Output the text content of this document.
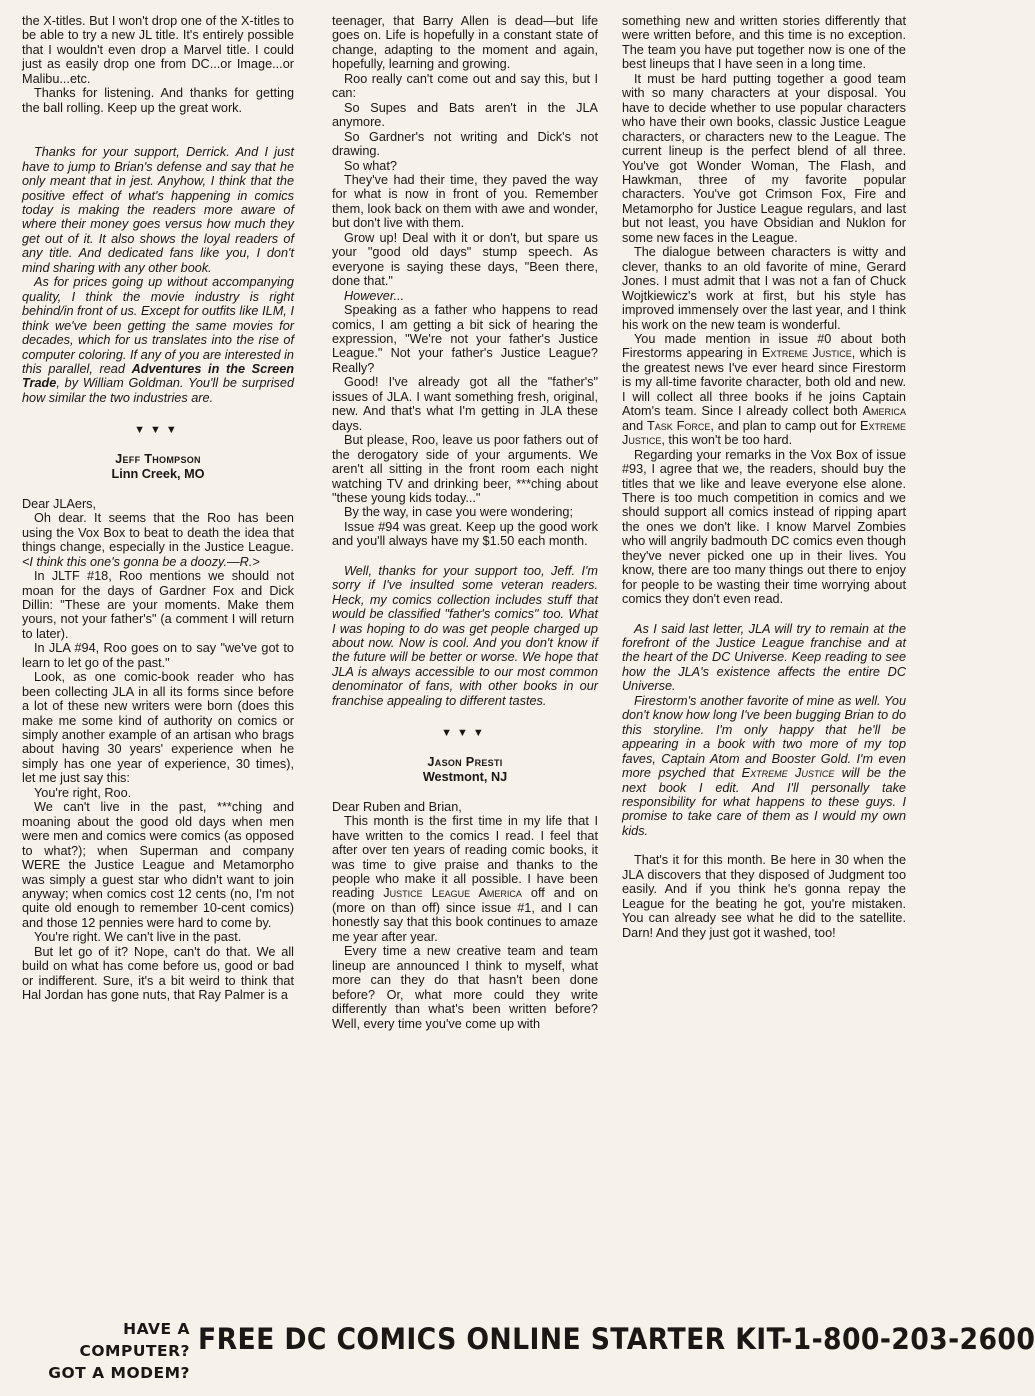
the X-titles. But I won't drop one of the X-titles to be able to try a new JL title. It's entirely possible that I wouldn't even drop a Marvel title. I could just as easily drop one from DC...or Image...or Malibu...etc.

Thanks for listening. And thanks for getting the ball rolling. Keep up the great work.

Thanks for your support, Derrick. And I just have to jump to Brian's defense and say that he only meant that in jest. Anyhow, I think that the positive effect of what's happening in comics today is making the readers more aware of where their money goes versus how much they get out of it. It also shows the loyal readers of any title. And dedicated fans like you, I don't mind sharing with any other book.

As for prices going up without accompanying quality, I think the movie industry is right behind/in front of us. Except for outfits like ILM, I think we've been getting the same movies for decades, which for us translates into the rise of computer coloring. If any of you are interested in this parallel, read Adventures in the Screen Trade, by William Goldman. You'll be surprised how similar the two industries are.

▼▼▼
Jeff Thompson
Linn Creek, MO

Dear JLAers,

Oh dear. It seems that the Roo has been using the Vox Box to beat to death the idea that things change, especially in the Justice League. <I think this one's gonna be a doozy.—R.>

In JLTF #18, Roo mentions we should not moan for the days of Gardner Fox and Dick Dillin: "These are your moments. Make them yours, not your father's" (a comment I will return to later).

In JLA #94, Roo goes on to say "we've got to learn to let go of the past."

Look, as one comic-book reader who has been collecting JLA in all its forms since before a lot of these new writers were born (does this make me some kind of authority on comics or simply another example of an artisan who brags about having 30 years' experience when he simply has one year of experience, 30 times), let me just say this:

You're right, Roo.

We can't live in the past, ***ching and moaning about the good old days when men were men and comics were comics (as opposed to what?); when Superman and company WERE the Justice League and Metamorpho was simply a guest star who didn't want to join anyway; when comics cost 12 cents (no, I'm not quite old enough to remember 10-cent comics) and those 12 pennies were hard to come by.

You're right. We can't live in the past.

But let go of it? Nope, can't do that. We all build on what has come before us, good or bad or indifferent. Sure, it's a bit weird to think that Hal Jordan has gone nuts, that Ray Palmer is a

teenager, that Barry Allen is dead—but life goes on. Life is hopefully in a constant state of change, adapting to the moment and again, hopefully, learning and growing.

Roo really can't come out and say this, but I can:

So Supes and Bats aren't in the JLA anymore.

So Gardner's not writing and Dick's not drawing.

So what?

They've had their time, they paved the way for what is now in front of you. Remember them, look back on them with awe and wonder, but don't live with them.

Grow up! Deal with it or don't, but spare us your "good old days" stump speech. As everyone is saying these days, "Been there, done that."

However...

Speaking as a father who happens to read comics, I am getting a bit sick of hearing the expression, "We're not your father's Justice League." Not your father's Justice League? Really?

Good! I've already got all the "father's" issues of JLA. I want something fresh, original, new. And that's what I'm getting in JLA these days.

But please, Roo, leave us poor fathers out of the derogatory side of your arguments. We aren't all sitting in the front room each night watching TV and drinking beer, ***ching about "these young kids today..."

By the way, in case you were wondering;

Issue #94 was great. Keep up the good work and you'll always have my $1.50 each month.

Well, thanks for your support too, Jeff. I'm sorry if I've insulted some veteran readers. Heck, my comics collection includes stuff that would be classified "father's comics" too. What I was hoping to do was get people charged up about now. Now is cool. And you don't know if the future will be better or worse. We hope that JLA is always accessible to our most common denominator of fans, with other books in our franchise appealing to different tastes.

▼▼▼
Jason Presti
Westmont, NJ

Dear Ruben and Brian,

This month is the first time in my life that I have written to the comics I read. I feel that after over ten years of reading comic books, it was time to give praise and thanks to the people who make it all possible. I have been reading Justice League America off and on (more on than off) since issue #1, and I can honestly say that this book continues to amaze me year after year.

Every time a new creative team and team lineup are announced I think to myself, what more can they do that hasn't been done before? Or, what more could they write differently than what's been written before? Well, every time you've come up with

something new and written stories differently that were written before, and this time is no exception. The team you have put together now is one of the best lineups that I have seen in a long time.

It must be hard putting together a good team with so many characters at your disposal. You have to decide whether to use popular characters who have their own books, classic Justice League characters, or characters new to the League. The current lineup is the perfect blend of all three. You've got Wonder Woman, The Flash, and Hawkman, three of my favorite popular characters. You've got Crimson Fox, Fire and Metamorpho for Justice League regulars, and last but not least, you have Obsidian and Nuklon for some new faces in the League.

The dialogue between characters is witty and clever, thanks to an old favorite of mine, Gerard Jones. I must admit that I was not a fan of Chuck Wojtkiewicz's work at first, but his style has improved immensely over the last year, and I think his work on the new team is wonderful.

You made mention in issue #0 about both Firestorms appearing in Extreme Justice, which is the greatest news I've ever heard since Firestorm is my all-time favorite character, both old and new. I will collect all three books if he joins Captain Atom's team. Since I already collect both America and Task Force, and plan to camp out for Extreme Justice, this won't be too hard.

Regarding your remarks in the Vox Box of issue #93, I agree that we, the readers, should buy the titles that we like and leave everyone else alone. There is too much competition in comics and we should support all comics instead of ripping apart the ones we don't like. I know Marvel Zombies who will angrily badmouth DC comics even though they've never picked one up in their lives. You know, there are too many things out there to enjoy for people to be wasting their time worrying about comics they don't even read.

As I said last letter, JLA will try to remain at the forefront of the Justice League franchise and at the heart of the DC Universe. Keep reading to see how the JLA's existence affects the entire DC Universe.

Firestorm's another favorite of mine as well. You don't know how long I've been bugging Brian to do this storyline. I'm only happy that he'll be appearing in a book with two more of my top faves, Captain Atom and Booster Gold. I'm even more psyched that Extreme Justice will be the next book I edit. And I'll personally take responsibility for what happens to these guys. I promise to take care of them as I would my own kids.

That's it for this month. Be here in 30 when the JLA discovers that they disposed of Judgment too easily. And if you think he's gonna repay the League for the beating he got, you're mistaken. You can already see what he did to the satellite. Darn! And they just got it washed, too!

HAVE A COMPUTER?
GOT A MODEM?
FREE DC COMICS ONLINE STARTER KIT-1-800-203-2600
